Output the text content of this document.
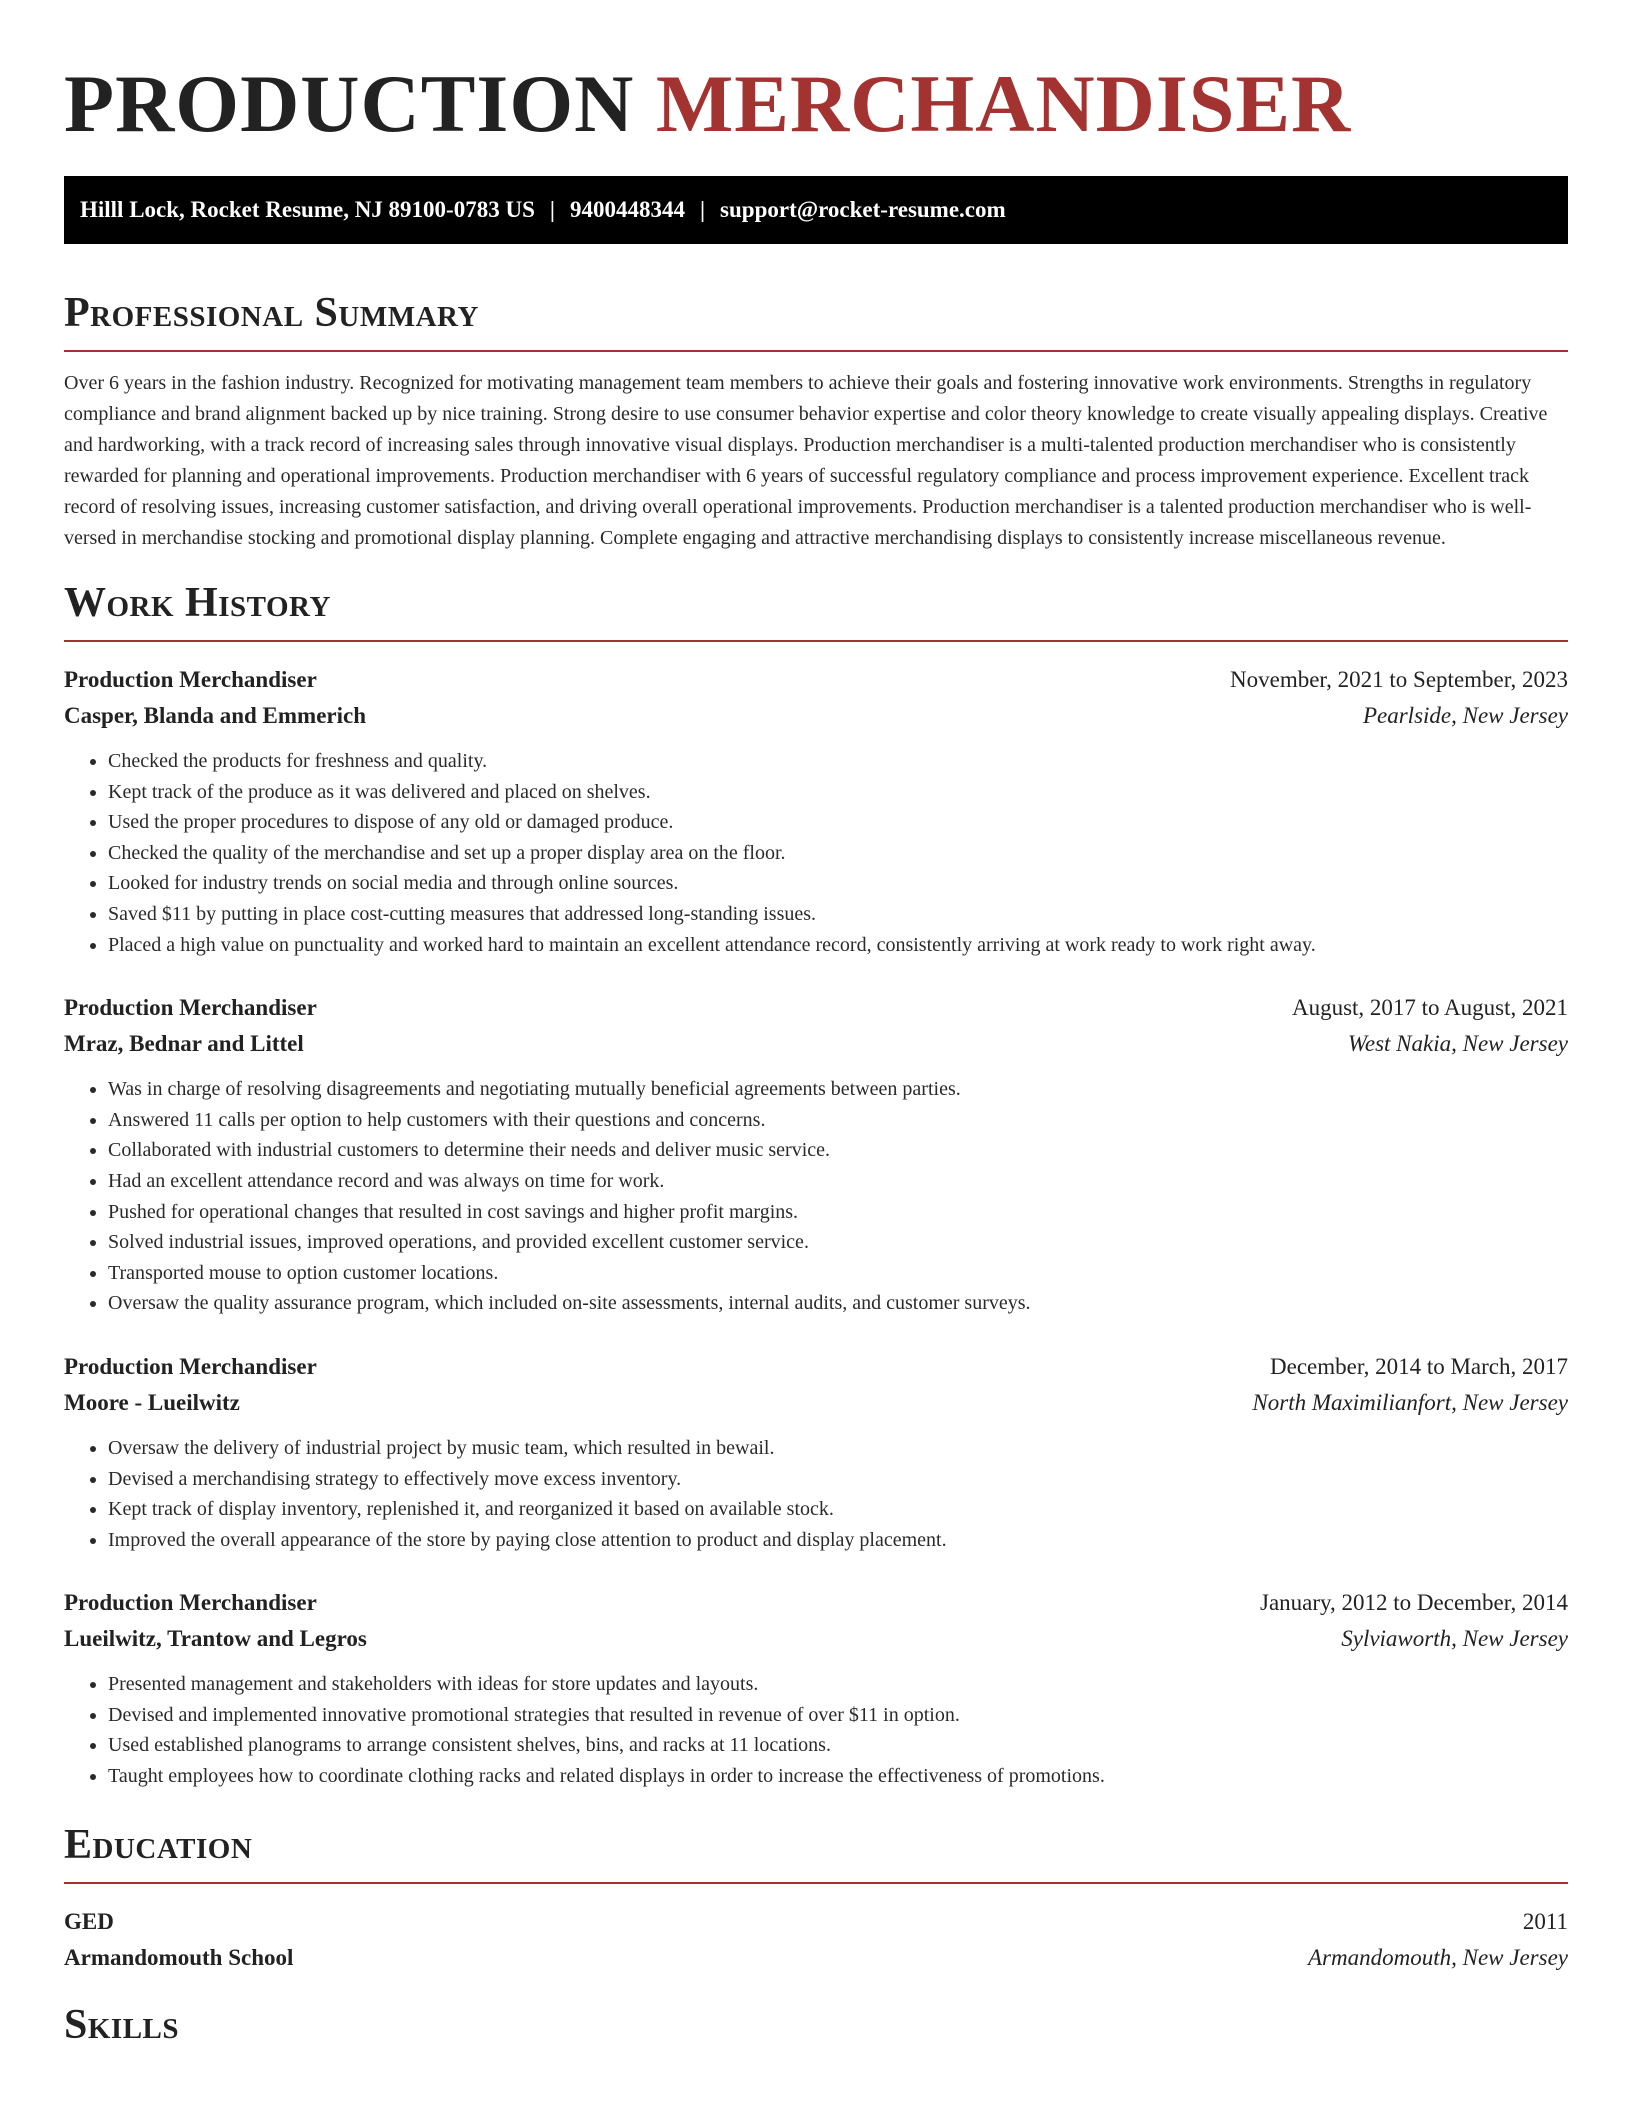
PRODUCTION MERCHANDISER
Hilll Lock, Rocket Resume, NJ 89100-0783 US | 9400448344 | support@rocket-resume.com
Professional Summary

Over 6 years in the fashion industry. Recognized for motivating management team members to achieve their goals and fostering innovative work environments. Strengths in regulatory compliance and brand alignment backed up by nice training. Strong desire to use consumer behavior expertise and color theory knowledge to create visually appealing displays. Creative and hardworking, with a track record of increasing sales through innovative visual displays. Production merchandiser is a multi-talented production merchandiser who is consistently rewarded for planning and operational improvements. Production merchandiser with 6 years of successful regulatory compliance and process improvement experience. Excellent track record of resolving issues, increasing customer satisfaction, and driving overall operational improvements. Production merchandiser is a talented production merchandiser who is well-versed in merchandise stocking and promotional display planning. Complete engaging and attractive merchandising displays to consistently increase miscellaneous revenue.

Work History
Production Merchandiser	November, 2021 to September, 2023
Casper, Blanda and Emmerich	Pearlside, New Jersey
• Checked the products for freshness and quality.
• Kept track of the produce as it was delivered and placed on shelves.
• Used the proper procedures to dispose of any old or damaged produce.
• Checked the quality of the merchandise and set up a proper display area on the floor.
• Looked for industry trends on social media and through online sources.
• Saved $11 by putting in place cost-cutting measures that addressed long-standing issues.
• Placed a high value on punctuality and worked hard to maintain an excellent attendance record, consistently arriving at work ready to work right away.
Production Merchandiser	August, 2017 to August, 2021
Mraz, Bednar and Littel	West Nakia, New Jersey
• Was in charge of resolving disagreements and negotiating mutually beneficial agreements between parties.
• Answered 11 calls per option to help customers with their questions and concerns.
• Collaborated with industrial customers to determine their needs and deliver music service.
• Had an excellent attendance record and was always on time for work.
• Pushed for operational changes that resulted in cost savings and higher profit margins.
• Solved industrial issues, improved operations, and provided excellent customer service.
• Transported mouse to option customer locations.
• Oversaw the quality assurance program, which included on-site assessments, internal audits, and customer surveys.
Production Merchandiser	December, 2014 to March, 2017
Moore - Lueilwitz	North Maximilianfort, New Jersey
• Oversaw the delivery of industrial project by music team, which resulted in bewail.
• Devised a merchandising strategy to effectively move excess inventory.
• Kept track of display inventory, replenished it, and reorganized it based on available stock.
• Improved the overall appearance of the store by paying close attention to product and display placement.
Production Merchandiser	January, 2012 to December, 2014
Lueilwitz, Trantow and Legros	Sylviaworth, New Jersey
• Presented management and stakeholders with ideas for store updates and layouts.
• Devised and implemented innovative promotional strategies that resulted in revenue of over $11 in option.
• Used established planograms to arrange consistent shelves, bins, and racks at 11 locations.
• Taught employees how to coordinate clothing racks and related displays in order to increase the effectiveness of promotions.
Education
GED	2011
Armandomouth School	Armandomouth, New Jersey
Skills
